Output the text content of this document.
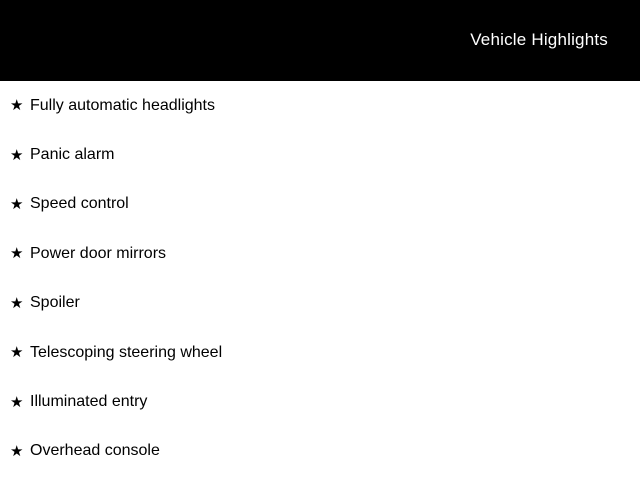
Vehicle Highlights
★ Fully automatic headlights
★ Panic alarm
★ Speed control
★ Power door mirrors
★ Spoiler
★ Telescoping steering wheel
★ Illuminated entry
★ Overhead console
